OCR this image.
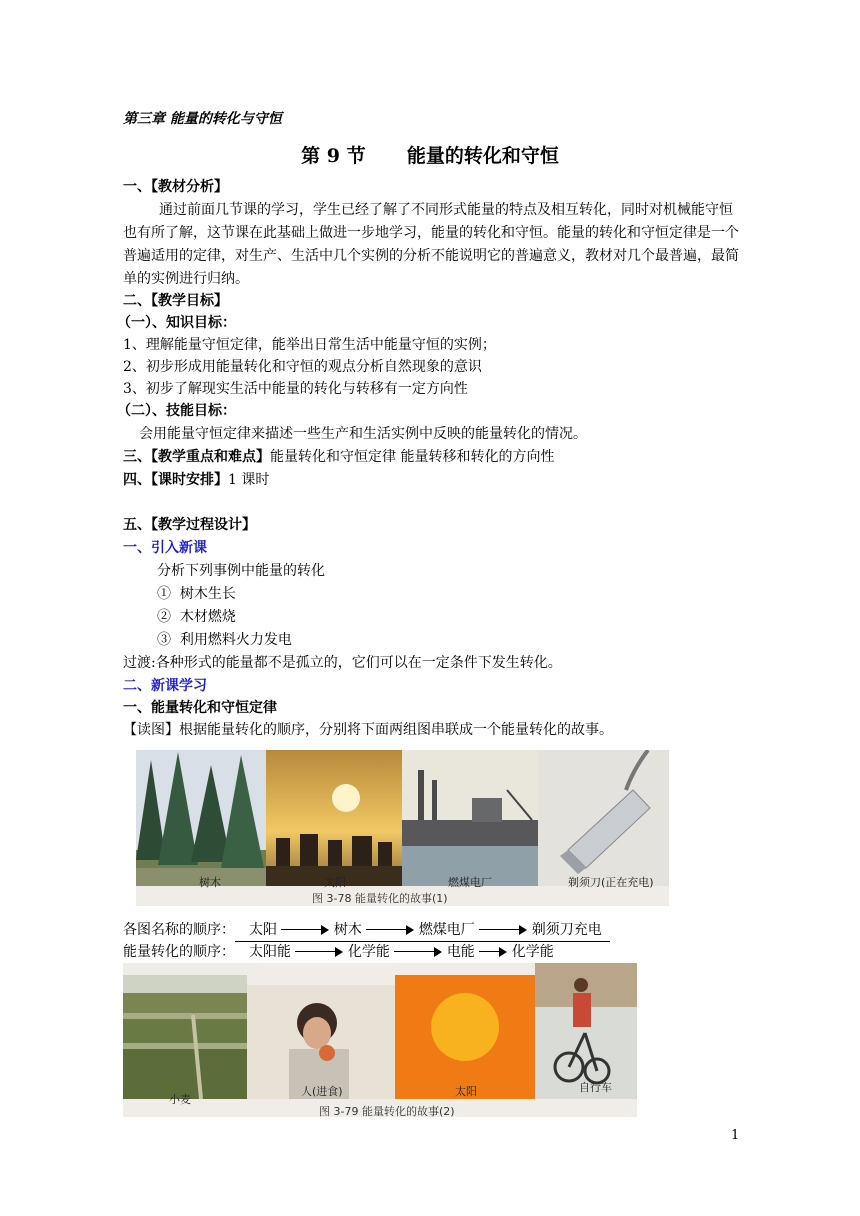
第三章 能量的转化与守恒
第 9 节 能量的转化和守恒
一、【教材分析】
通过前面几节课的学习，学生已经了解了不同形式能量的特点及相互转化，同时对机械能守恒也有所了解，这节课在此基础上做进一步地学习，能量的转化和守恒。能量的转化和守恒定律是一个普遍适用的定律，对生产、生活中几个实例的分析不能说明它的普遍意义，教材对几个最普遍，最简单的实例进行归纳。
二、【教学目标】
（一）、知识目标：
1、理解能量守恒定律，能举出日常生活中能量守恒的实例；
2、初步形成用能量转化和守恒的观点分析自然现象的意识
3、初步了解现实生活中能量的转化与转移有一定方向性
（二）、技能目标：
会用能量守恒定律来描述一些生产和生活实例中反映的能量转化的情况。
三、【教学重点和难点】能量转化和守恒定律 能量转移和转化的方向性
四、【课时安排】1 课时
五、【教学过程设计】
一、引入新课
分析下列事例中能量的转化
① 树木生长
② 木材燃烧
③ 利用燃料火力发电
过渡:各种形式的能量都不是孤立的，它们可以在一定条件下发生转化。
二、新课学习
一、能量转化和守恒定律
【读图】根据能量转化的顺序，分别将下面两组图串联成一个能量转化的故事。
树木	太阳	燃煤电厂	剃须刀(正在充电)
图 3-78 能量转化的故事(1)
各图名称的顺序： 太阳	树木	燃煤电厂	剃须刀充电
能量转化的顺序： 太阳能	化学能	电能	化学能
小麦
人(进食)	太阳	自行车
图 3-79 能量转化的故事(2)
1
